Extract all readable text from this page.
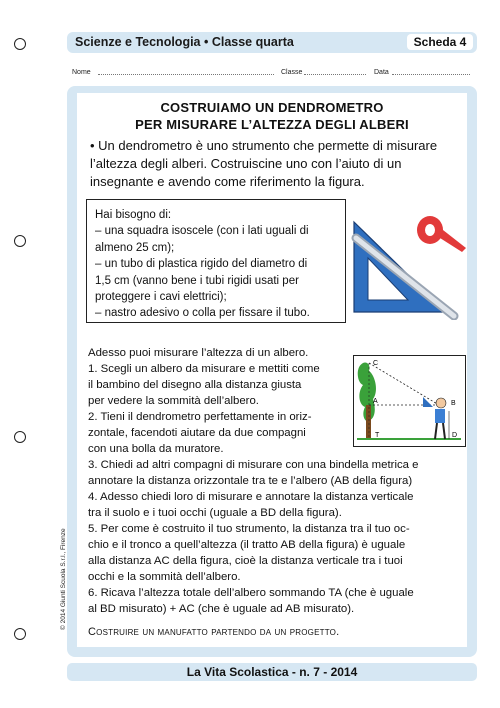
Scienze e Tecnologia • Classe quarta	Scheda 4
Nome	Classe	Data
COSTRUIAMO UN DENDROMETRO
PER MISURARE L’ALTEZZA DEGLI ALBERI
• Un dendrometro è uno strumento che permette di misurare l’altezza degli alberi. Costruiscine uno con l’aiuto di un insegnante e avendo come riferimento la figura.
Hai bisogno di:
– una squadra isoscele (con i lati uguali di
almeno 25 cm);
– un tubo di plastica rigido del diametro di
1,5 cm (vanno bene i tubi rigidi usati per
proteggere i cavi elettrici);
– nastro adesivo o colla per fissare il tubo.
Adesso puoi misurare l’altezza di un albero.
1. Scegli un albero da misurare e mettiti come
il bambino del disegno alla distanza giusta
per vedere la sommità dell’albero.
2. Tieni il dendrometro perfettamente in oriz-
zontale, facendoti aiutare da due compagni
con una bolla da muratore.
3. Chiedi ad altri compagni di misurare con una bindella metrica e
annotare la distanza orizzontale tra te e l’albero (AB della figura)
4. Adesso chiedi loro di misurare e annotare la distanza verticale
tra il suolo e i tuoi occhi (uguale a BD della figura).
5. Per come è costruito il tuo strumento, la distanza tra il tuo oc-
chio e il tronco a quell’altezza (il tratto AB della figura) è uguale
alla distanza AC della figura, cioè la distanza verticale tra i tuoi
occhi e la sommità dell’albero.
6. Ricava l’altezza totale dell’albero sommando TA (che è uguale
al BD misurato) + AC (che è uguale ad AB misurato).
C
A	B
T	D
Costruire un manufatto partendo da un progetto.
© 2014 Giunti Scuola S.r.l., Firenze
La Vita Scolastica - n. 7 - 2014
